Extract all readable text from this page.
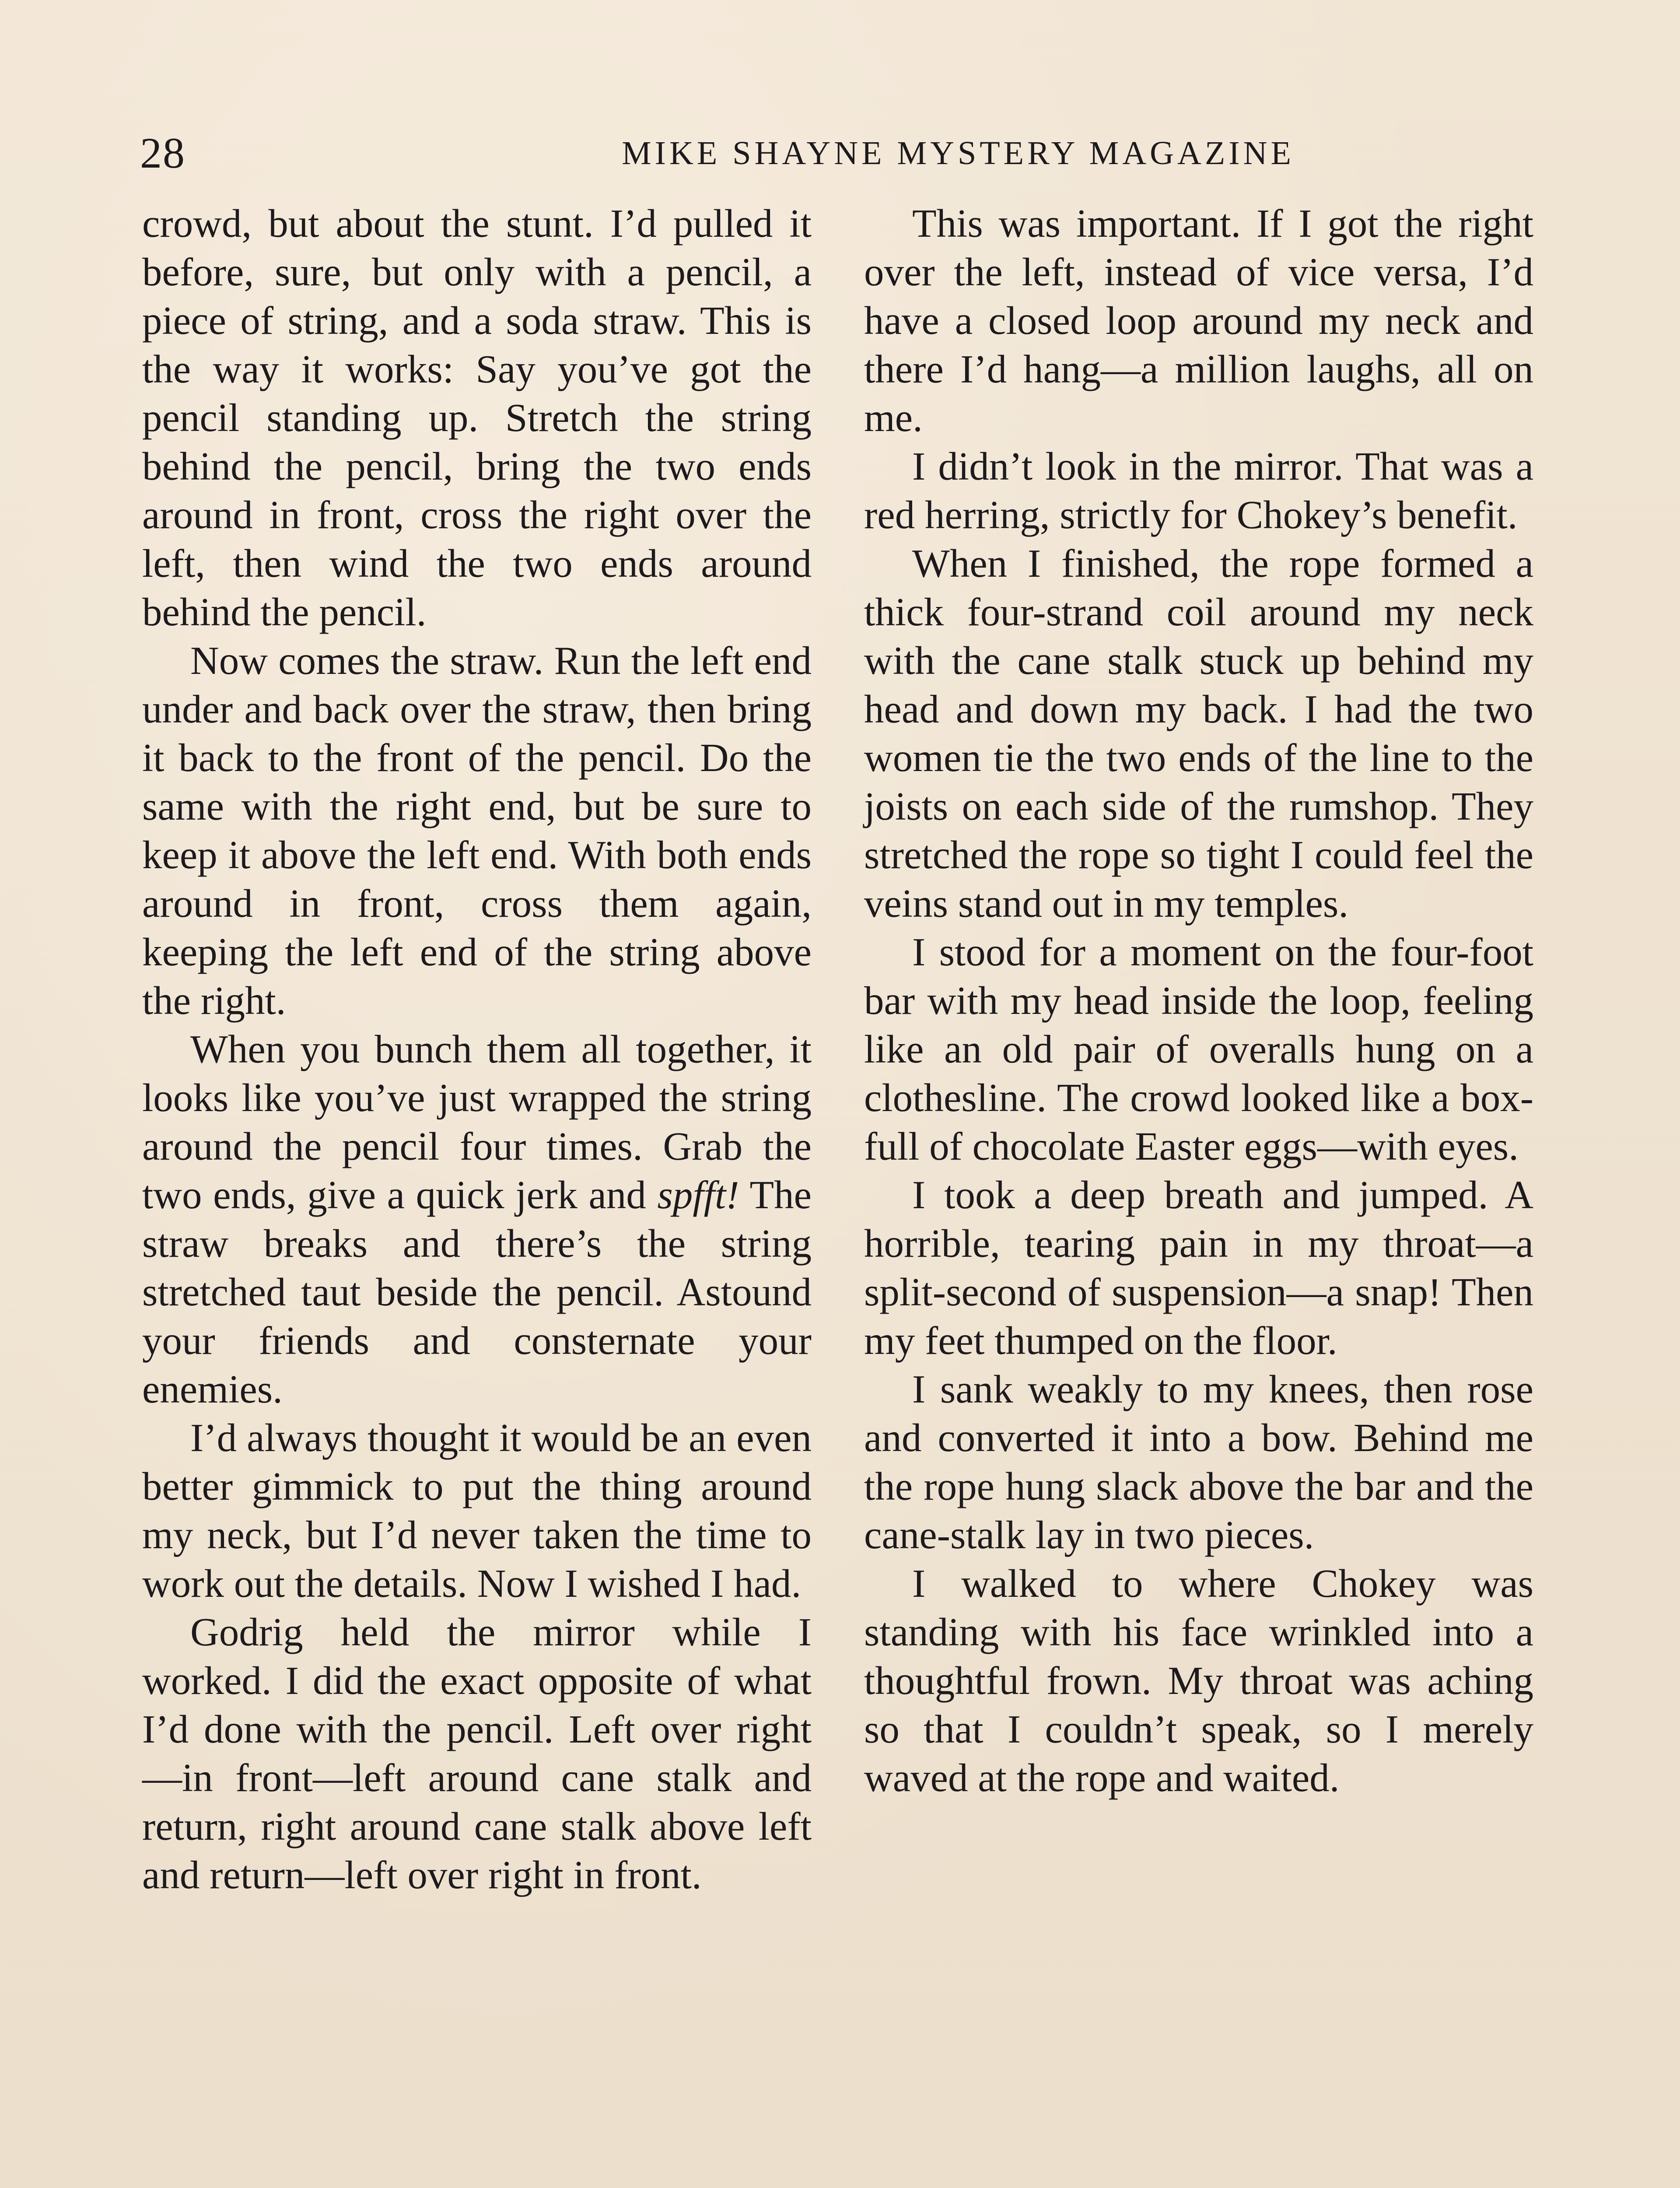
28	MIKE SHAYNE MYSTERY MAGAZINE

crowd, but about the stunt. I’d pulled it before, sure, but only with a pencil, a piece of string, and a soda straw. This is the way it works: Say you’ve got the pencil standing up. Stretch the string behind the pencil, bring the two ends around in front, cross the right over the left, then wind the two ends around behind the pencil.

Now comes the straw. Run the left end under and back over the straw, then bring it back to the front of the pencil. Do the same with the right end, but be sure to keep it above the left end. With both ends around in front, cross them again, keeping the left end of the string above the right.

When you bunch them all together, it looks like you’ve just wrapped the string around the pencil four times. Grab the two ends, give a quick jerk and spfft! The straw breaks and there’s the string stretched taut beside the pencil. Astound your friends and consternate your enemies.

I’d always thought it would be an even better gimmick to put the thing around my neck, but I’d never taken the time to work out the details. Now I wished I had.

Godrig held the mirror while I worked. I did the exact opposite of what I’d done with the pencil. Left over right—in front—left around cane stalk and return, right around cane stalk above left and return—left over right in front.

This was important. If I got the right over the left, instead of vice versa, I’d have a closed loop around my neck and there I’d hang—a million laughs, all on me.

I didn’t look in the mirror. That was a red herring, strictly for Chokey’s benefit.

When I finished, the rope formed a thick four-strand coil around my neck with the cane stalk stuck up behind my head and down my back. I had the two women tie the two ends of the line to the joists on each side of the rumshop. They stretched the rope so tight I could feel the veins stand out in my temples.

I stood for a moment on the four-foot bar with my head inside the loop, feeling like an old pair of overalls hung on a clothesline. The crowd looked like a box-full of chocolate Easter eggs—with eyes.

I took a deep breath and jumped. A horrible, tearing pain in my throat—a split-second of suspension—a snap! Then my feet thumped on the floor.

I sank weakly to my knees, then rose and converted it into a bow. Behind me the rope hung slack above the bar and the cane-stalk lay in two pieces.

I walked to where Chokey was standing with his face wrinkled into a thoughtful frown. My throat was aching so that I couldn’t speak, so I merely waved at the rope and waited.
